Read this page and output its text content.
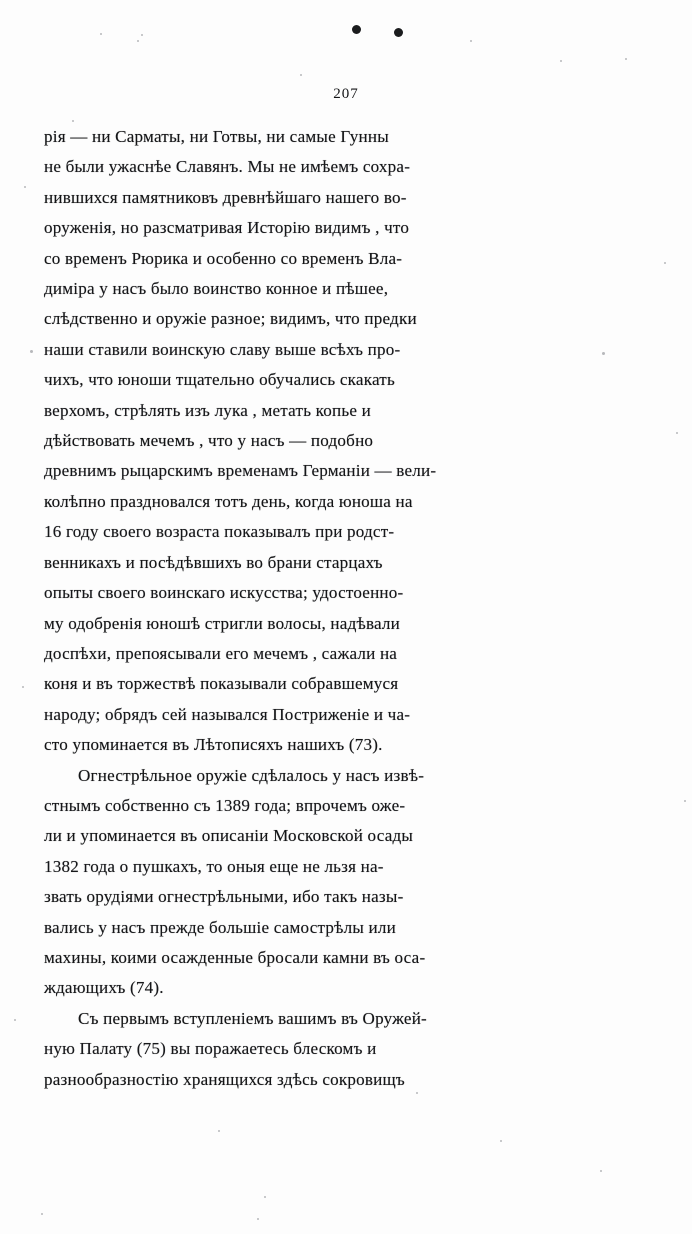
207
рія — ни Сарматы, ни Готвы, ни самые Гунны
не были ужаснѣе Славянъ. Мы не имѣемъ сохра-
нившихся памятниковъ древнѣйшаго нашего во-
оруженія, но разсматривая Исторію видимъ , что
со временъ Рюрика и особенно со временъ Вла-
диміра у насъ было воинство конное и пѣшее,
слѣдственно и оружіе разное; видимъ, что предки
наши ставили воинскую славу выше всѣхъ про-
чихъ, что юноши тщательно обучались скакать
верхомъ, стрѣлять изъ лука , метать копье и
дѣйствовать мечемъ , что у насъ — подобно
древнимъ рыцарскимъ временамъ Германіи — вели-
колѣпно праздновался тотъ день, когда юноша на
16 году своего возраста показывалъ при родст-
венникахъ и посѣдѣвшихъ во брани старцахъ
опыты своего воинскаго искусства; удостоенно-
му одобренія юношѣ стригли волосы, надѣвали
доспѣхи, препоясывали его мечемъ , сажали на
коня и въ торжествѣ показывали собравшемуся
народу; обрядъ сей назывался Постриженіе и ча-
сто упоминается въ Лѣтописяхъ нашихъ (73).
Огнестрѣльное оружіе сдѣлалось у насъ извѣ-
стнымъ собственно съ 1389 года; впрочемъ оже-
ли и упоминается въ описаніи Московской осады
1382 года о пушкахъ, то оныя еще не льзя на-
звать орудіями огнестрѣльными, ибо такъ назы-
вались у насъ прежде большіе самострѣлы или
махины, коими осажденные бросали камни въ оса-
ждающихъ (74).
Съ первымъ вступленіемъ вашимъ въ Оружей-
ную Палату (75) вы поражаетесь блескомъ и
разнообразностію хранящихся здѣсь сокровищъ
